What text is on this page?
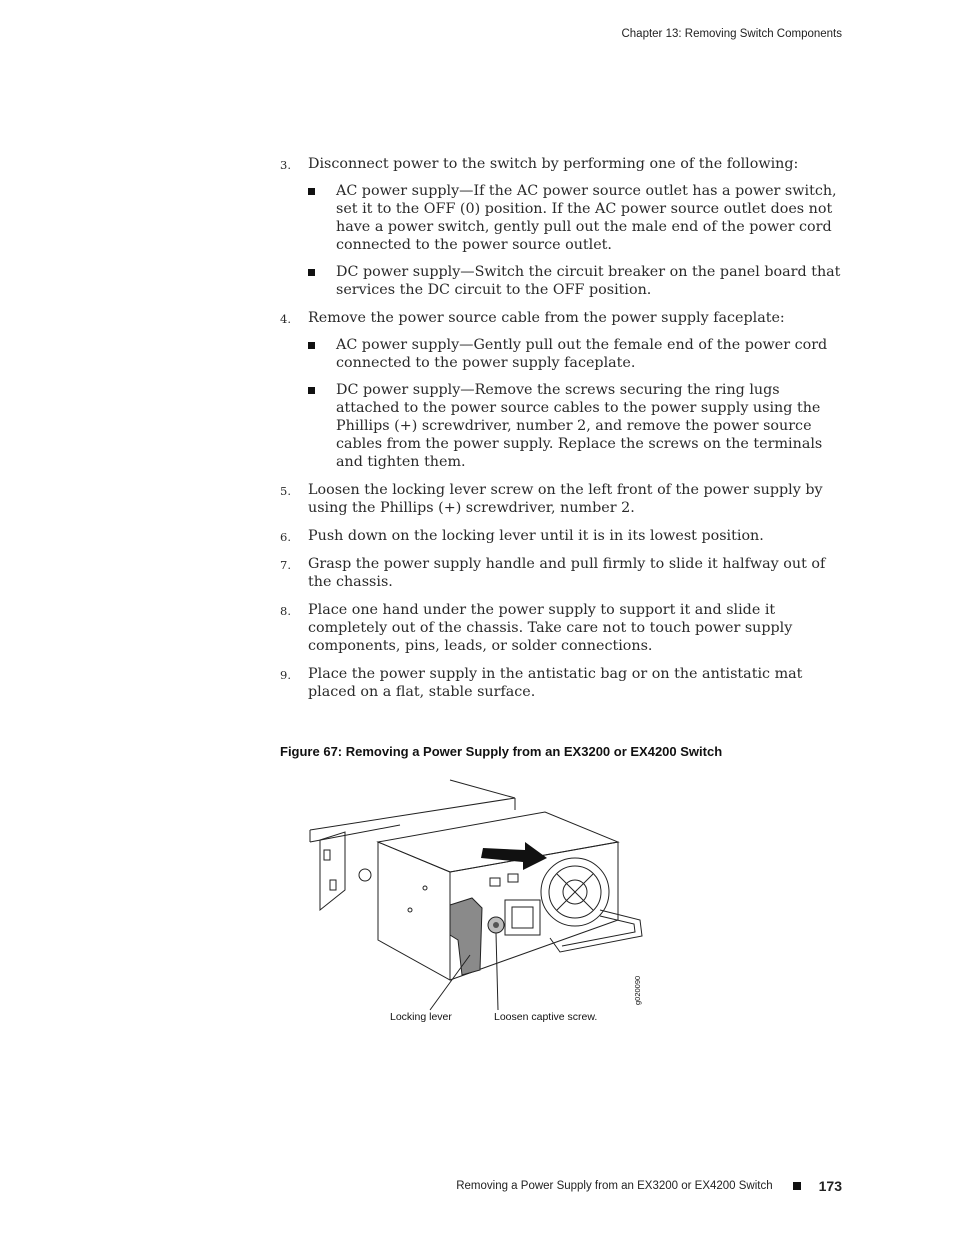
Chapter 13: Removing Switch Components
3. Disconnect power to the switch by performing one of the following:
AC power supply—If the AC power source outlet has a power switch, set it to the OFF (0) position. If the AC power source outlet does not have a power switch, gently pull out the male end of the power cord connected to the power source outlet.
DC power supply—Switch the circuit breaker on the panel board that services the DC circuit to the OFF position.
4. Remove the power source cable from the power supply faceplate:
AC power supply—Gently pull out the female end of the power cord connected to the power supply faceplate.
DC power supply—Remove the screws securing the ring lugs attached to the power source cables to the power supply using the Phillips (+) screwdriver, number 2, and remove the power source cables from the power supply. Replace the screws on the terminals and tighten them.
5. Loosen the locking lever screw on the left front of the power supply by using the Phillips (+) screwdriver, number 2.
6. Push down on the locking lever until it is in its lowest position.
7. Grasp the power supply handle and pull firmly to slide it halfway out of the chassis.
8. Place one hand under the power supply to support it and slide it completely out of the chassis. Take care not to touch power supply components, pins, leads, or solder connections.
9. Place the power supply in the antistatic bag or on the antistatic mat placed on a flat, stable surface.
Figure 67: Removing a Power Supply from an EX3200 or EX4200 Switch
Locking lever	Loosen captive screw.
g020090
Removing a Power Supply from an EX3200 or EX4200 Switch	173
